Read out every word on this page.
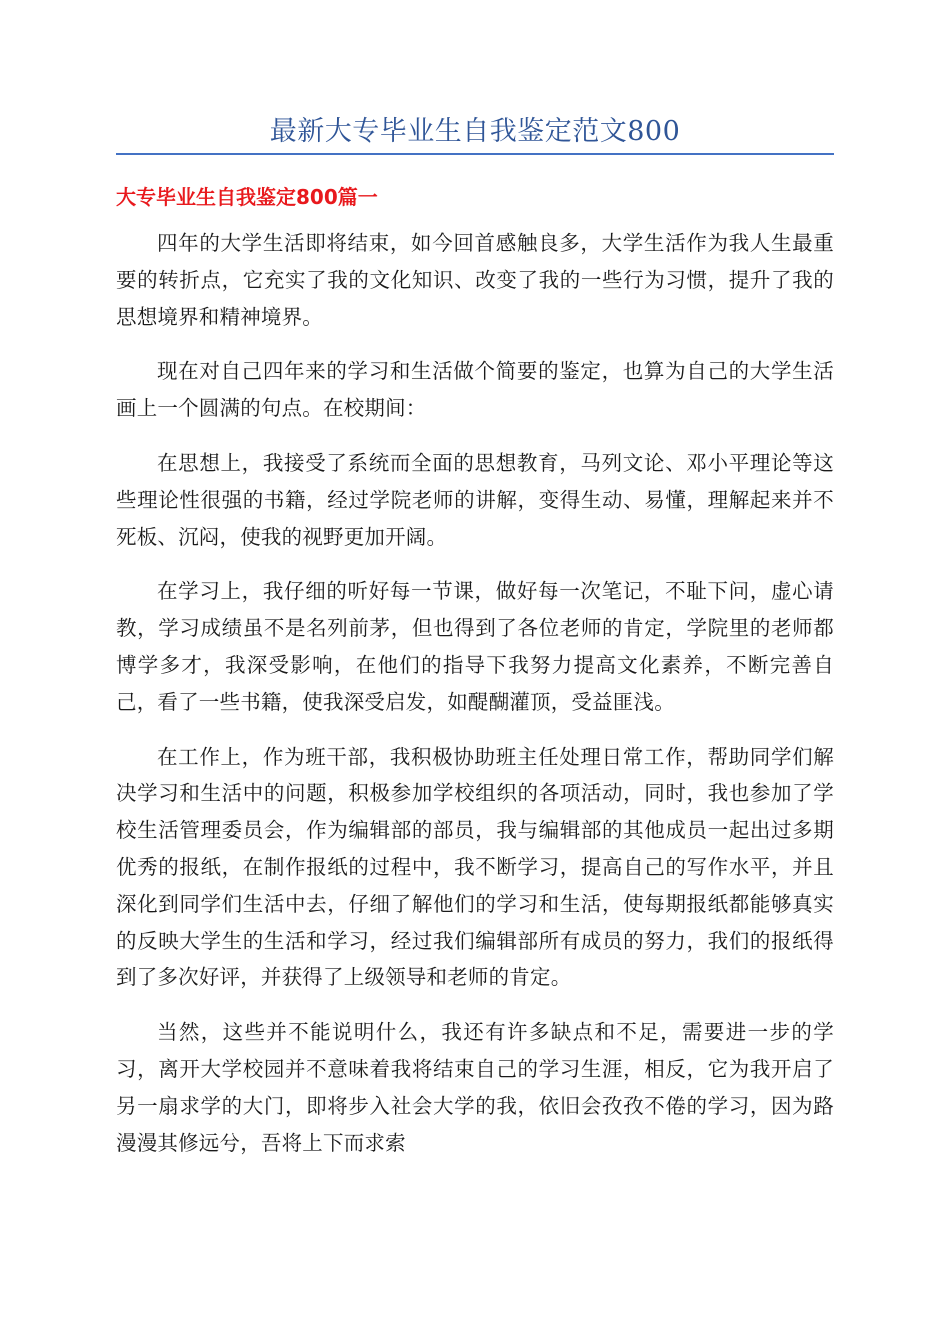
最新大专毕业生自我鉴定范文800
大专毕业生自我鉴定800篇一

四年的大学生活即将结束，如今回首感触良多，大学生活作为我人生最重要的转折点，它充实了我的文化知识、改变了我的一些行为习惯，提升了我的思想境界和精神境界。

现在对自己四年来的学习和生活做个简要的鉴定，也算为自己的大学生活画上一个圆满的句点。在校期间：

在思想上，我接受了系统而全面的思想教育，马列文论、邓小平理论等这些理论性很强的书籍，经过学院老师的讲解，变得生动、易懂，理解起来并不死板、沉闷，使我的视野更加开阔。

在学习上，我仔细的听好每一节课，做好每一次笔记，不耻下问，虚心请教，学习成绩虽不是名列前茅，但也得到了各位老师的肯定，学院里的老师都博学多才，我深受影响，在他们的指导下我努力提高文化素养，不断完善自己，看了一些书籍，使我深受启发，如醍醐灌顶，受益匪浅。

在工作上，作为班干部，我积极协助班主任处理日常工作，帮助同学们解决学习和生活中的问题，积极参加学校组织的各项活动，同时，我也参加了学校生活管理委员会，作为编辑部的部员，我与编辑部的其他成员一起出过多期优秀的报纸，在制作报纸的过程中，我不断学习，提高自己的写作水平，并且深化到同学们生活中去，仔细了解他们的学习和生活，使每期报纸都能够真实的反映大学生的生活和学习，经过我们编辑部所有成员的努力，我们的报纸得到了多次好评，并获得了上级领导和老师的肯定。

当然，这些并不能说明什么，我还有许多缺点和不足，需要进一步的学习，离开大学校园并不意味着我将结束自己的学习生涯，相反，它为我开启了另一扇求学的大门，即将步入社会大学的我，依旧会孜孜不倦的学习，因为路漫漫其修远兮，吾将上下而求索
